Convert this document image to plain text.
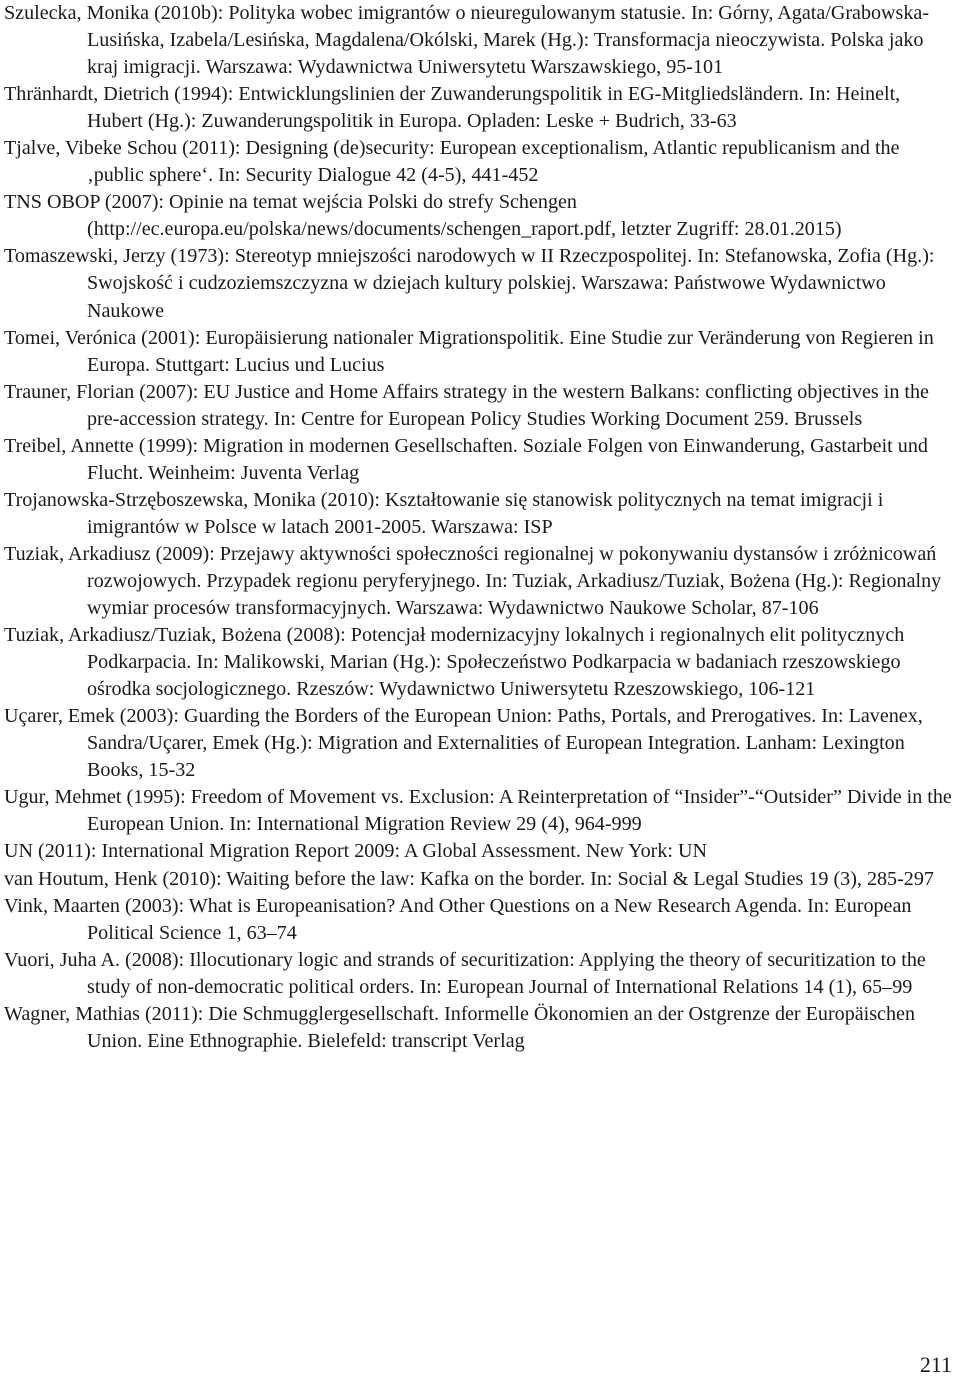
Szulecka, Monika (2010b): Polityka wobec imigrantów o nieuregulowanym statusie. In: Górny, Agata/Grabowska-Lusińska, Izabela/Lesińska, Magdalena/Okólski, Marek (Hg.): Transformacja nieoczywista. Polska jako kraj imigracji. Warszawa: Wydawnictwa Uniwersytetu Warszawskiego, 95-101

Thränhardt, Dietrich (1994): Entwicklungslinien der Zuwanderungspolitik in EG-Mitgliedsländern. In: Heinelt, Hubert (Hg.): Zuwanderungspolitik in Europa. Opladen: Leske + Budrich, 33-63

Tjalve, Vibeke Schou (2011): Designing (de)security: European exceptionalism, Atlantic republicanism and the ‚public sphere‘. In: Security Dialogue 42 (4-5), 441-452

TNS OBOP (2007): Opinie na temat wejścia Polski do strefy Schengen (http://ec.europa.eu/polska/news/documents/schengen_raport.pdf, letzter Zugriff: 28.01.2015)

Tomaszewski, Jerzy (1973): Stereotyp mniejszości narodowych w II Rzeczpospolitej. In: Stefanowska, Zofia (Hg.): Swojskość i cudzoziemszczyzna w dziejach kultury polskiej. Warszawa: Państwowe Wydawnictwo Naukowe

Tomei, Verónica (2001): Europäisierung nationaler Migrationspolitik. Eine Studie zur Veränderung von Regieren in Europa. Stuttgart: Lucius und Lucius

Trauner, Florian (2007): EU Justice and Home Affairs strategy in the western Balkans: conflicting objectives in the pre-accession strategy. In: Centre for European Policy Studies Working Document 259. Brussels

Treibel, Annette (1999): Migration in modernen Gesellschaften. Soziale Folgen von Einwanderung, Gastarbeit und Flucht. Weinheim: Juventa Verlag

Trojanowska-Strzęboszewska, Monika (2010): Kształtowanie się stanowisk politycznych na temat imigracji i imigrantów w Polsce w latach 2001-2005. Warszawa: ISP

Tuziak, Arkadiusz (2009): Przejawy aktywności społeczności regionalnej w pokonywaniu dystansów i zróżnicowań rozwojowych. Przypadek regionu peryferyjnego. In: Tuziak, Arkadiusz/Tuziak, Bożena (Hg.): Regionalny wymiar procesów transformacyjnych. Warszawa: Wydawnictwo Naukowe Scholar, 87-106

Tuziak, Arkadiusz/Tuziak, Bożena (2008): Potencjał modernizacyjny lokalnych i regionalnych elit politycznych Podkarpacia. In: Malikowski, Marian (Hg.): Społeczeństwo Podkarpacia w badaniach rzeszowskiego ośrodka socjologicznego. Rzeszów: Wydawnictwo Uniwersytetu Rzeszowskiego, 106-121

Uçarer, Emek (2003): Guarding the Borders of the European Union: Paths, Portals, and Prerogatives. In: Lavenex, Sandra/Uçarer, Emek (Hg.): Migration and Externalities of European Integration. Lanham: Lexington Books, 15-32

Ugur, Mehmet (1995): Freedom of Movement vs. Exclusion: A Reinterpretation of “Insider”-“Outsider” Divide in the European Union. In: International Migration Review 29 (4), 964-999

UN (2011): International Migration Report 2009: A Global Assessment. New York: UN

van Houtum, Henk (2010): Waiting before the law: Kafka on the border. In: Social & Legal Studies 19 (3), 285-297

Vink, Maarten (2003): What is Europeanisation? And Other Questions on a New Research Agenda. In: European Political Science 1, 63–74

Vuori, Juha A. (2008): Illocutionary logic and strands of securitization: Applying the theory of securitization to the study of non-democratic political orders. In: European Journal of International Relations 14 (1), 65–99

Wagner, Mathias (2011): Die Schmugglergesellschaft. Informelle Ökonomien an der Ostgrenze der Europäischen Union. Eine Ethnographie. Bielefeld: transcript Verlag

211
